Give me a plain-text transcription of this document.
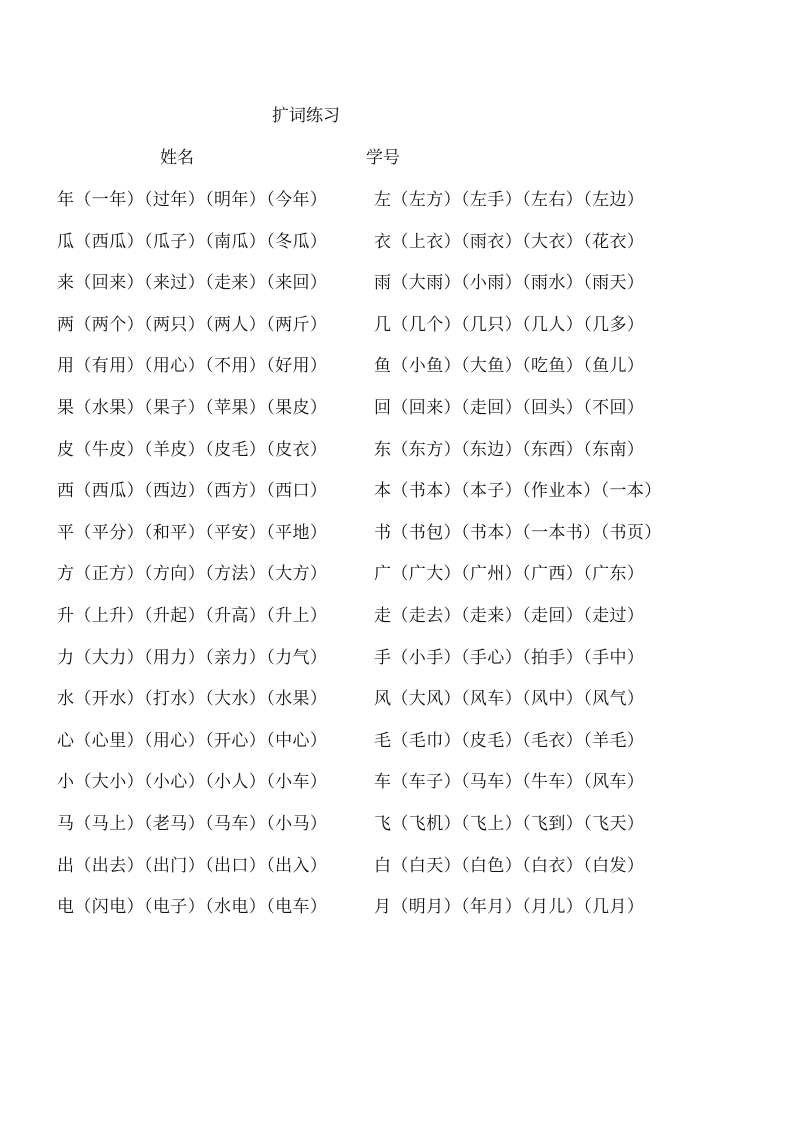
扩词练习
姓名	学号
年（一年）（过年）（明年）（今年）	左（左方）（左手）（左右）（左边）
瓜（西瓜）（瓜子）（南瓜）（冬瓜）	衣（上衣）（雨衣）（大衣）（花衣）
来（回来）（来过）（走来）（来回）	雨（大雨）（小雨）（雨水）（雨天）
两（两个）（两只）（两人）（两斤）	几（几个）（几只）（几人）（几多）
用（有用）（用心）（不用）（好用）	鱼（小鱼）（大鱼）（吃鱼）（鱼儿）
果（水果）（果子）（苹果）（果皮）	回（回来）（走回）（回头）（不回）
皮（牛皮）（羊皮）（皮毛）（皮衣）	东（东方）（东边）（东西）（东南）
西（西瓜）（西边）（西方）（西口）	本（书本）（本子）（作业本）（一本）
平（平分）（和平）（平安）（平地）	书（书包）（书本）（一本书）（书页）
方（正方）（方向）（方法）（大方）	广（广大）（广州）（广西）（广东）
升（上升）（升起）（升高）（升上）	走（走去）（走来）（走回）（走过）
力（大力）（用力）（亲力）（力气）	手（小手）（手心）（拍手）（手中）
水（开水）（打水）（大水）（水果）	风（大风）（风车）（风中）（风气）
心（心里）（用心）（开心）（中心）	毛（毛巾）（皮毛）（毛衣）（羊毛）
小（大小）（小心）（小人）（小车）	车（车子）（马车）（牛车）（风车）
马（马上）（老马）（马车）（小马）	飞（飞机）（飞上）（飞到）（飞天）
出（出去）（出门）（出口）（出入）	白（白天）（白色）（白衣）（白发）
电（闪电）（电子）（水电）（电车）	月（明月）（年月）（月儿）（几月）
